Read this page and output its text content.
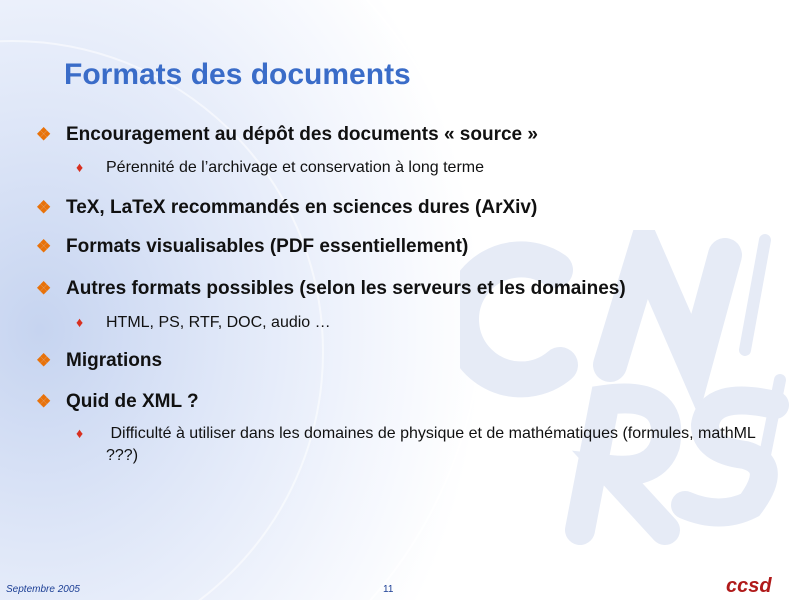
Formats des documents
❖ Encouragement au dépôt des documents « source »
♦	Pérennité de l’archivage et conservation à long terme
❖ TeX, LaTeX recommandés en sciences dures (ArXiv)
❖ Formats visualisables (PDF essentiellement)
❖ Autres formats possibles (selon les serveurs et les domaines)
♦	HTML, PS, RTF, DOC, audio …
❖ Migrations
❖ Quid de XML ?
♦	Difficulté à utiliser dans les domaines de physique et de mathématiques (formules, mathML ???)
Septembre 2005	11	ccsd
